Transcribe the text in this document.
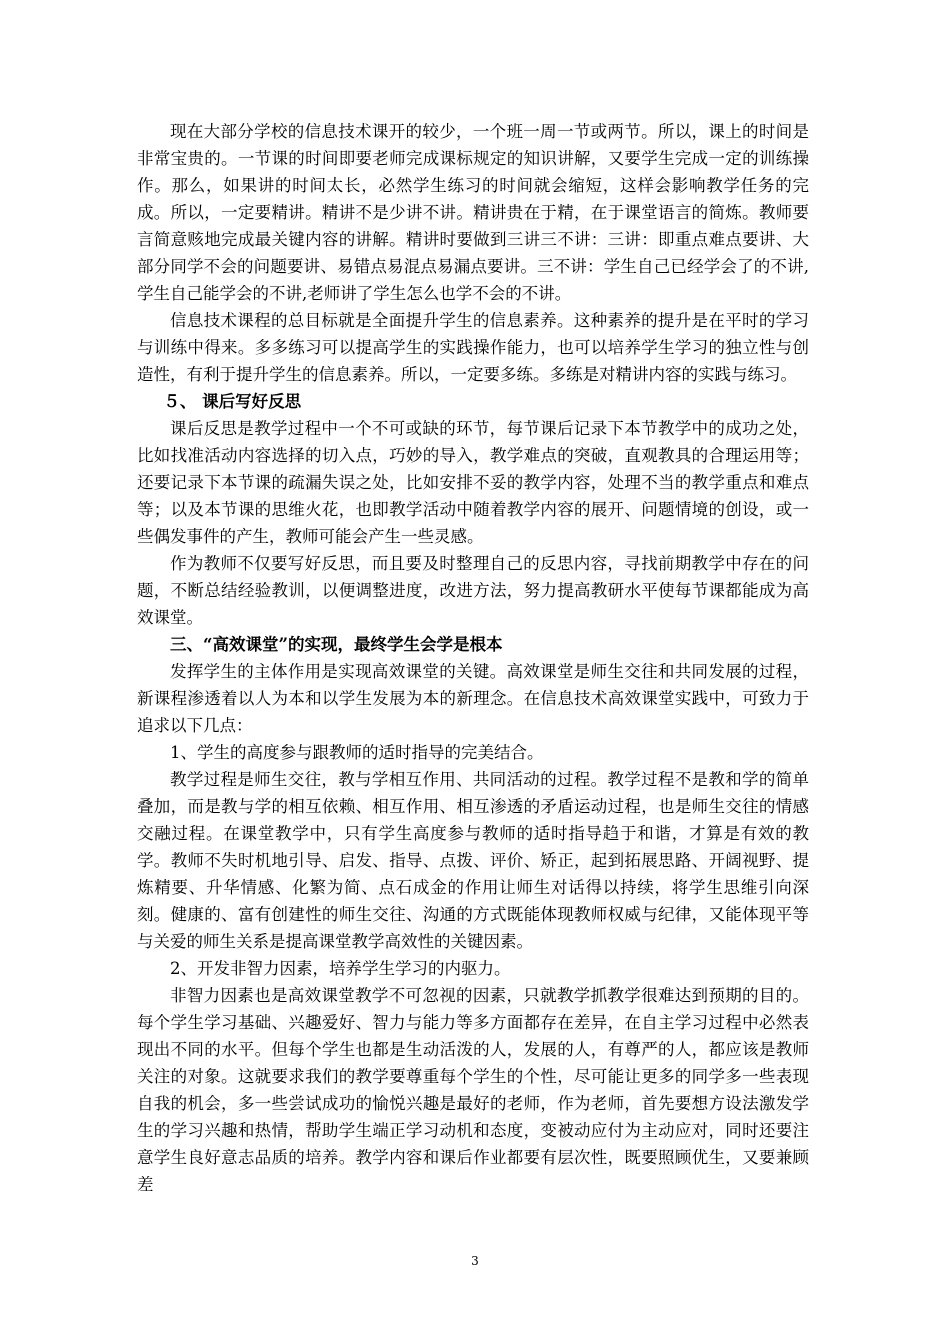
现在大部分学校的信息技术课开的较少，一个班一周一节或两节。所以，课上的时间是非常宝贵的。一节课的时间即要老师完成课标规定的知识讲解，又要学生完成一定的训练操作。那么，如果讲的时间太长，必然学生练习的时间就会缩短，这样会影响教学任务的完成。所以，一定要精讲。精讲不是少讲不讲。精讲贵在于精，在于课堂语言的简炼。教师要言简意赅地完成最关键内容的讲解。精讲时要做到三讲三不讲：三讲：即重点难点要讲、大部分同学不会的问题要讲、易错点易混点易漏点要讲。三不讲：学生自己已经学会了的不讲,学生自己能学会的不讲,老师讲了学生怎么也学不会的不讲。

信息技术课程的总目标就是全面提升学生的信息素养。这种素养的提升是在平时的学习与训练中得来。多多练习可以提高学生的实践操作能力，也可以培养学生学习的独立性与创造性，有利于提升学生的信息素养。所以，一定要多练。多练是对精讲内容的实践与练习。

５、 课后写好反思

课后反思是教学过程中一个不可或缺的环节，每节课后记录下本节教学中的成功之处，比如找准活动内容选择的切入点，巧妙的导入，教学难点的突破，直观教具的合理运用等；还要记录下本节课的疏漏失误之处，比如安排不妥的教学内容，处理不当的教学重点和难点等；以及本节课的思维火花，也即教学活动中随着教学内容的展开、问题情境的创设，或一些偶发事件的产生，教师可能会产生一些灵感。

作为教师不仅要写好反思，而且要及时整理自己的反思内容，寻找前期教学中存在的问题，不断总结经验教训，以便调整进度，改进方法，努力提高教研水平使每节课都能成为高效课堂。

三、“高效课堂”的实现，最终学生会学是根本

发挥学生的主体作用是实现高效课堂的关键。高效课堂是师生交往和共同发展的过程，新课程渗透着以人为本和以学生发展为本的新理念。在信息技术高效课堂实践中，可致力于追求以下几点：

1、学生的高度参与跟教师的适时指导的完美结合。

教学过程是师生交往，教与学相互作用、共同活动的过程。教学过程不是教和学的简单叠加，而是教与学的相互依赖、相互作用、相互渗透的矛盾运动过程，也是师生交往的情感交融过程。在课堂教学中，只有学生高度参与教师的适时指导趋于和谐，才算是有效的教学。教师不失时机地引导、启发、指导、点拨、评价、矫正，起到拓展思路、开阔视野、提炼精要、升华情感、化繁为简、点石成金的作用让师生对话得以持续，将学生思维引向深刻。健康的、富有创建性的师生交往、沟通的方式既能体现教师权威与纪律，又能体现平等与关爱的师生关系是提高课堂教学高效性的关键因素。

2、开发非智力因素，培养学生学习的内驱力。

非智力因素也是高效课堂教学不可忽视的因素，只就教学抓教学很难达到预期的目的。每个学生学习基础、兴趣爱好、智力与能力等多方面都存在差异，在自主学习过程中必然表现出不同的水平。但每个学生也都是生动活泼的人，发展的人，有尊严的人，都应该是教师关注的对象。这就要求我们的教学要尊重每个学生的个性，尽可能让更多的同学多一些表现自我的机会，多一些尝试成功的愉悦兴趣是最好的老师，作为老师，首先要想方设法激发学生的学习兴趣和热情，帮助学生端正学习动机和态度，变被动应付为主动应对，同时还要注意学生良好意志品质的培养。教学内容和课后作业都要有层次性，既要照顾优生，又要兼顾差

3
